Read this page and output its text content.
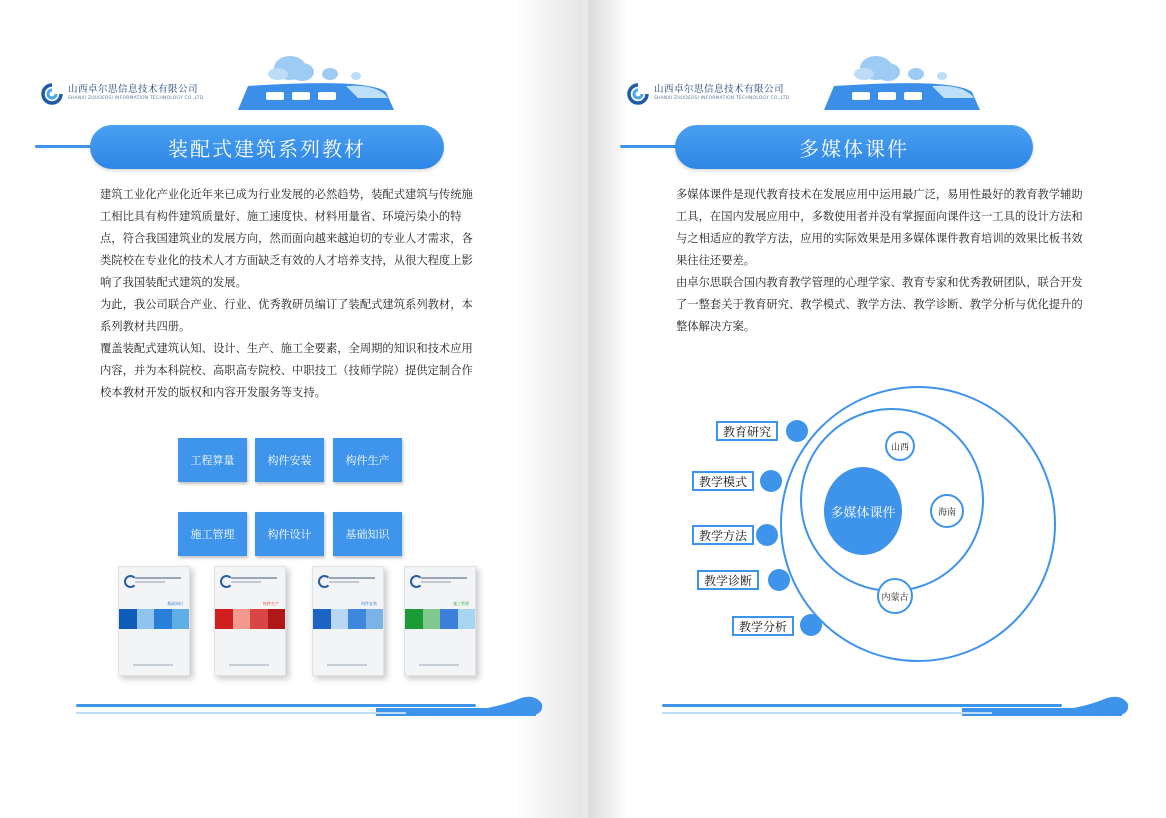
山西卓尔思信息技术有限公司
SHANXI ZHUOERSI INFORMATION TECHNOLOGY CO.,LTD
装配式建筑系列教材

建筑工业化产业化近年来已成为行业发展的必然趋势，装配式建筑与传统施工相比具有构件建筑质量好、施工速度快、材料用量省、环境污染小的特点，符合我国建筑业的发展方向，然而面向越来越迫切的专业人才需求，各类院校在专业化的技术人才方面缺乏有效的人才培养支持，从很大程度上影响了我国装配式建筑的发展。

为此，我公司联合产业、行业、优秀教研员编订了装配式建筑系列教材，本系列教材共四册。

覆盖装配式建筑认知、设计、生产、施工全要素，全周期的知识和技术应用内容，并为本科院校、高职高专院校、中职技工（技师学院）提供定制合作校本教材开发的版权和内容开发服务等支持。

工程算量	构件安装	构件生产
施工管理	构件设计	基础知识
基础知识	构件生产	构件安装	施工管理
山西卓尔思信息技术有限公司
SHANXI ZHUOERSI INFORMATION TECHNOLOGY CO.,LTD
多媒体课件

多媒体课件是现代教育技术在发展应用中运用最广泛，易用性最好的教育教学辅助工具，在国内发展应用中，多数使用者并没有掌握面向课件这一工具的设计方法和与之相适应的教学方法，应用的实际效果是用多媒体课件教育培训的效果比板书效果往往还要差。

由卓尔思联合国内教育教学管理的心理学家、教育专家和优秀教研团队，联合开发了一整套关于教育研究、教学模式、教学方法、教学诊断、教学分析与优化提升的整体解决方案。

多媒体课件
山西
海南
内蒙古
教育研究
教学模式
教学方法
教学诊断
教学分析
